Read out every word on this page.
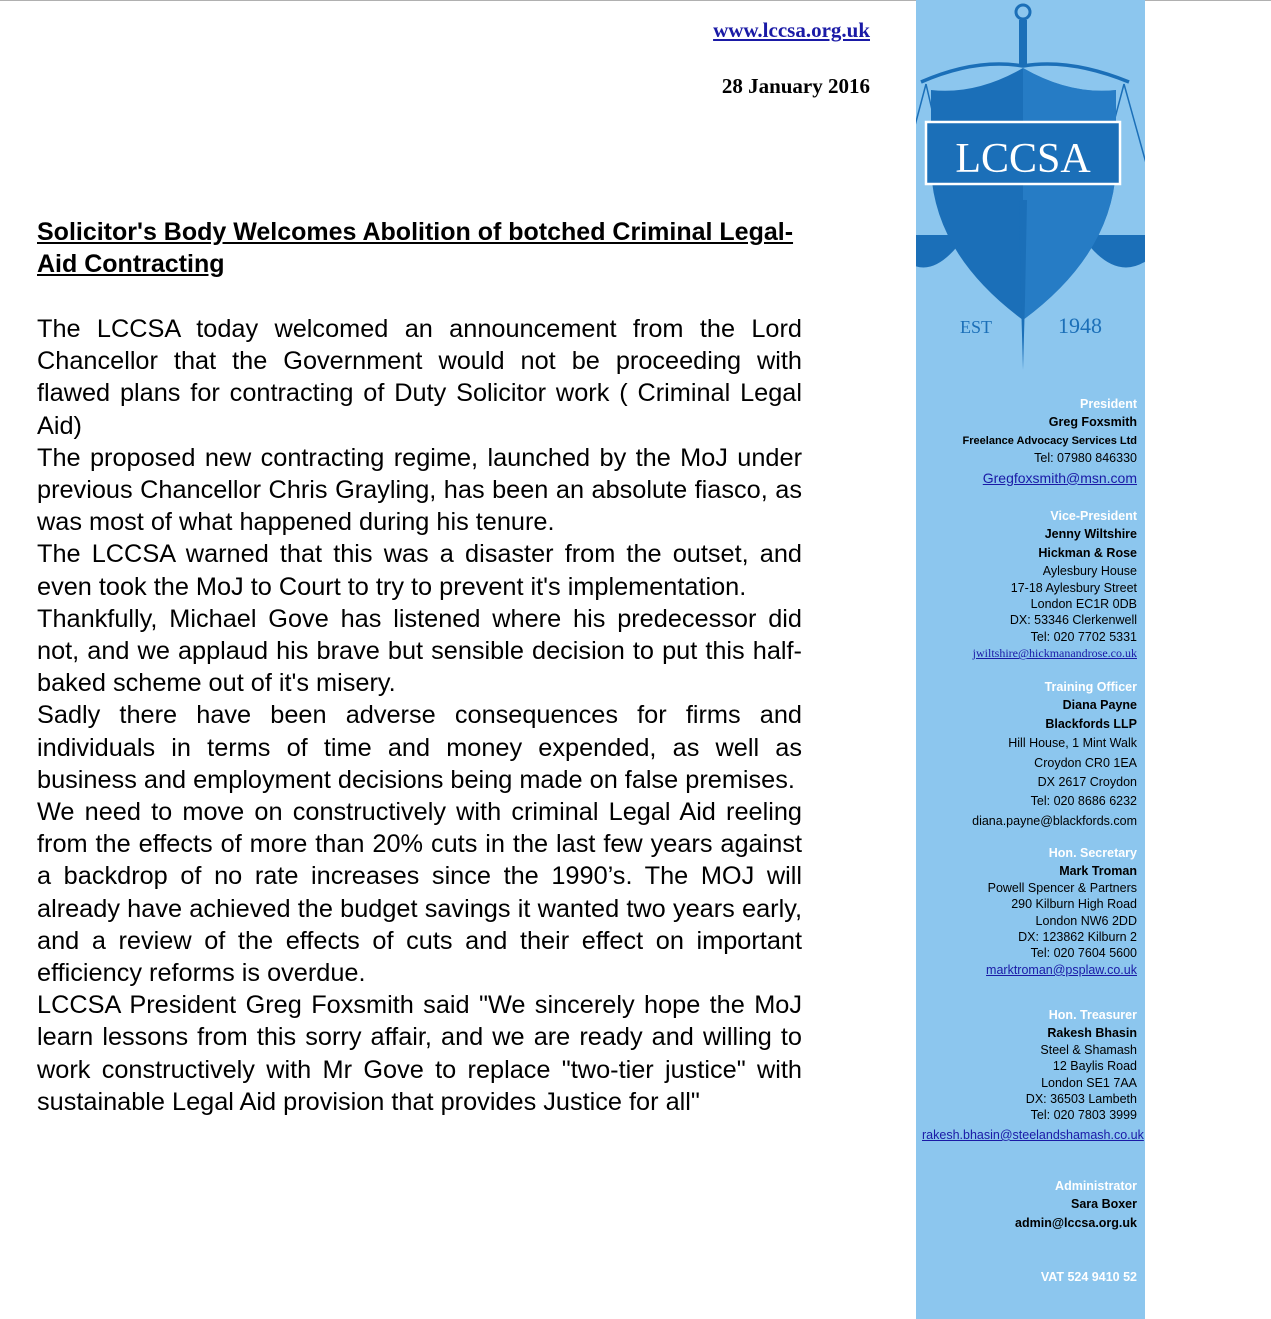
www.lccsa.org.uk
28 January 2016
Solicitor's Body Welcomes Abolition of botched Criminal Legal-Aid Contracting

The LCCSA today welcomed an announcement from the Lord Chancellor that the Government would not be proceeding with flawed plans for contracting of Duty Solicitor work ( Criminal Legal Aid)

The proposed new contracting regime, launched by the MoJ under previous Chancellor Chris Grayling, has been an absolute fiasco, as was most of what happened during his tenure.

The LCCSA warned that this was a disaster from the outset, and even took the MoJ to Court to try to prevent it's implementation.

Thankfully, Michael Gove has listened where his predecessor did not, and we applaud his brave but sensible decision to put this half-baked scheme out of it's misery.

Sadly there have been adverse consequences for firms and individuals in terms of time and money expended, as well as business and employment decisions being made on false premises.

We need to move on constructively with criminal Legal Aid reeling from the effects of more than 20% cuts in the last few years against a backdrop of no rate increases since the 1990’s. The MOJ will already have achieved the budget savings it wanted two years early, and a review of the effects of cuts and their effect on important efficiency reforms is overdue.

LCCSA President Greg Foxsmith said "We sincerely hope the MoJ learn lessons from this sorry affair, and we are ready and willing to work constructively with Mr Gove to replace "two-tier justice" with sustainable Legal Aid provision that provides Justice for all"

LCCSA
EST	1948
President
Greg Foxsmith
Freelance Advocacy Services Ltd
Tel: 07980 846330
Gregfoxsmith@msn.com
Vice-President
Jenny Wiltshire
Hickman & Rose
Aylesbury House
17-18 Aylesbury Street
London EC1R 0DB
DX: 53346 Clerkenwell
Tel: 020 7702 5331
jwiltshire@hickmanandrose.co.uk
Training Officer
Diana Payne
Blackfords LLP
Hill House, 1 Mint Walk
Croydon CR0 1EA
DX 2617 Croydon
Tel: 020 8686 6232
diana.payne@blackfords.com
Hon. Secretary
Mark Troman
Powell Spencer & Partners
290 Kilburn High Road
London NW6 2DD
DX: 123862 Kilburn 2
Tel: 020 7604 5600
marktroman@psplaw.co.uk
Hon. Treasurer
Rakesh Bhasin
Steel & Shamash
12 Baylis Road
London SE1 7AA
DX: 36503 Lambeth
Tel: 020 7803 3999
rakesh.bhasin@steelandshamash.co.uk
Administrator
Sara Boxer
admin@lccsa.org.uk
VAT 524 9410 52
